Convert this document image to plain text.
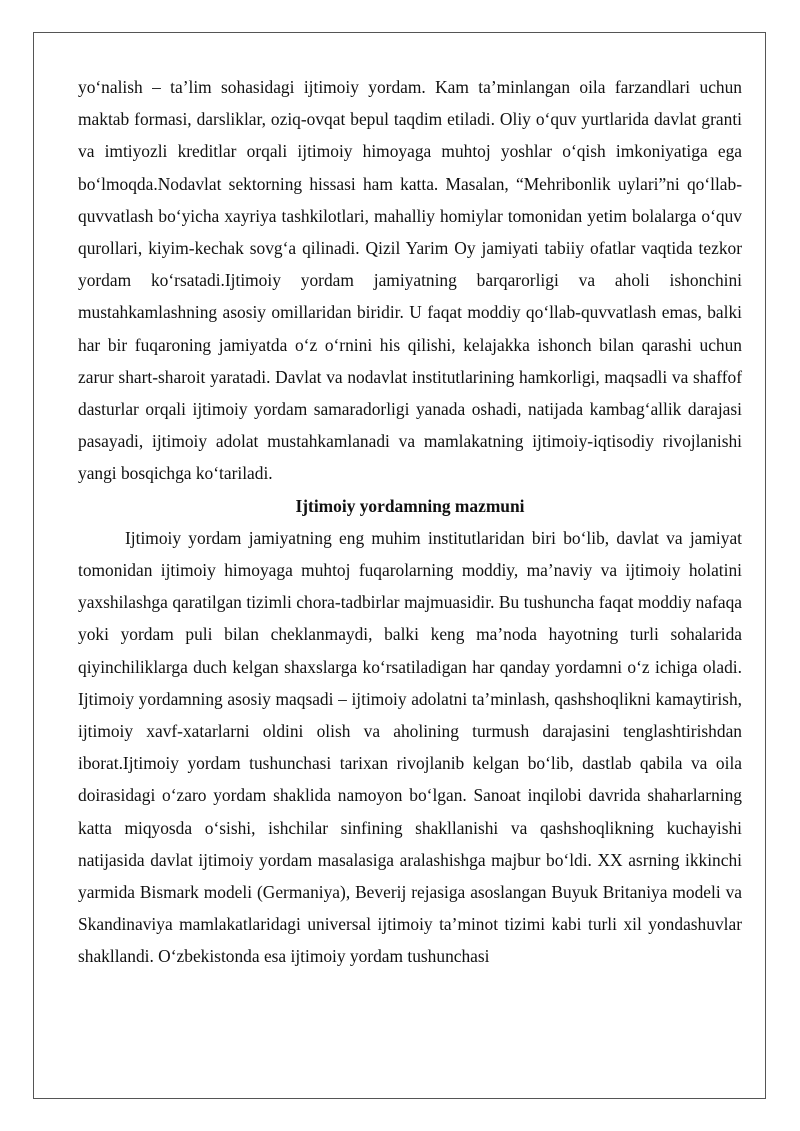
yo‘nalish – ta’lim sohasidagi ijtimoiy yordam. Kam ta’minlangan oila farzandlari uchun maktab formasi, darsliklar, oziq-ovqat bepul taqdim etiladi. Oliy o‘quv yurtlarida davlat granti va imtiyozli kreditlar orqali ijtimoiy himoyaga muhtoj yoshlar o‘qish imkoniyatiga ega bo‘lmoqda.Nodavlat sektorning hissasi ham katta. Masalan, “Mehribonlik uylari”ni qo‘llab-quvvatlash bo‘yicha xayriya tashkilotlari, mahalliy homiylar tomonidan yetim bolalarga o‘quv qurollari, kiyim-kechak sovg‘a qilinadi. Qizil Yarim Oy jamiyati tabiiy ofatlar vaqtida tezkor yordam ko‘rsatadi.Ijtimoiy yordam jamiyatning barqarorligi va aholi ishonchini mustahkamlashning asosiy omillaridan biridir. U faqat moddiy qo‘llab-quvvatlash emas, balki har bir fuqaroning jamiyatda o‘z o‘rnini his qilishi, kelajakka ishonch bilan qarashi uchun zarur shart-sharoit yaratadi. Davlat va nodavlat institutlarining hamkorligi, maqsadli va shaffof dasturlar orqali ijtimoiy yordam samaradorligi yanada oshadi, natijada kambag‘allik darajasi pasayadi, ijtimoiy adolat mustahkamlanadi va mamlakatning ijtimoiy-iqtisodiy rivojlanishi yangi bosqichga ko‘tariladi.

Ijtimoiy yordamning mazmuni

Ijtimoiy yordam jamiyatning eng muhim institutlaridan biri bo‘lib, davlat va jamiyat tomonidan ijtimoiy himoyaga muhtoj fuqarolarning moddiy, ma’naviy va ijtimoiy holatini yaxshilashga qaratilgan tizimli chora-tadbirlar majmuasidir. Bu tushuncha faqat moddiy nafaqa yoki yordam puli bilan cheklanmaydi, balki keng ma’noda hayotning turli sohalarida qiyinchiliklarga duch kelgan shaxslarga ko‘rsatiladigan har qanday yordamni o‘z ichiga oladi. Ijtimoiy yordamning asosiy maqsadi – ijtimoiy adolatni ta’minlash, qashshoqlikni kamaytirish, ijtimoiy xavf-xatarlarni oldini olish va aholining turmush darajasini tenglashtirishdan iborat.Ijtimoiy yordam tushunchasi tarixan rivojlanib kelgan bo‘lib, dastlab qabila va oila doirasidagi o‘zaro yordam shaklida namoyon bo‘lgan. Sanoat inqilobi davrida shaharlarning katta miqyosda o‘sishi, ishchilar sinfining shakllanishi va qashshoqlikning kuchayishi natijasida davlat ijtimoiy yordam masalasiga aralashishga majbur bo‘ldi. XX asrning ikkinchi yarmida Bismark modeli (Germaniya), Beverij rejasiga asoslangan Buyuk Britaniya modeli va Skandinaviya mamlakatlaridagi universal ijtimoiy ta’minot tizimi kabi turli xil yondashuvlar shakllandi. O‘zbekistonda esa ijtimoiy yordam tushunchasi
